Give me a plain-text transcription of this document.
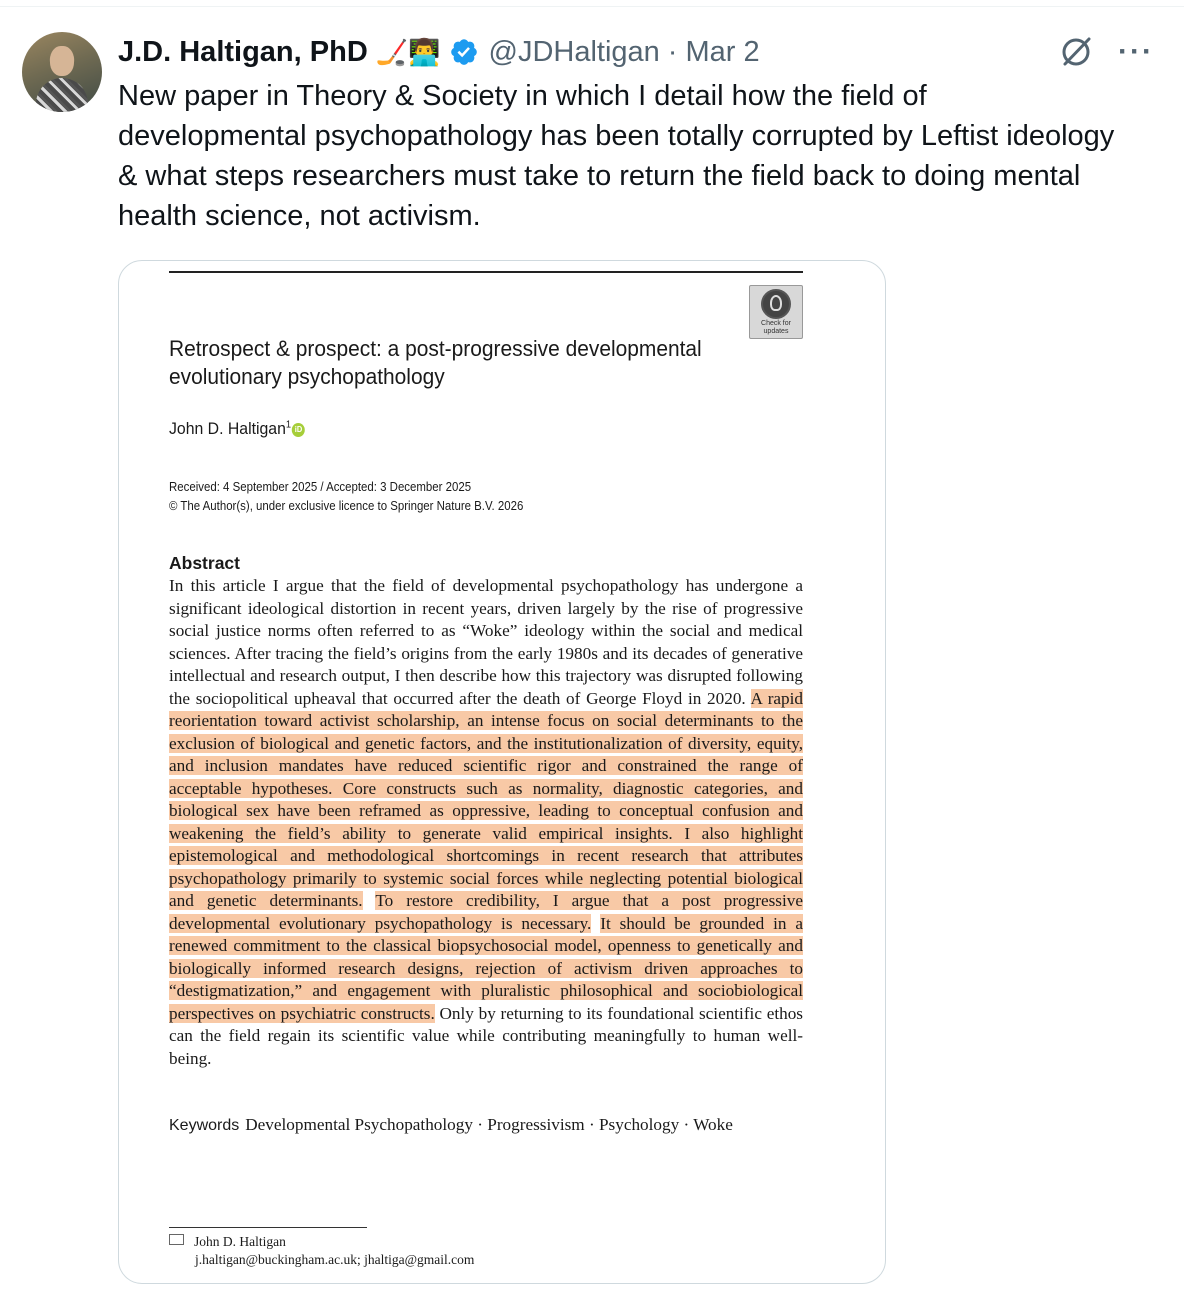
J.D. Haltigan, PhD 🏒👨‍💻 @JDHaltigan · Mar 2	···

New paper in Theory & Society in which I detail how the field of developmental psychopathology has been totally corrupted by Leftist ideology & what steps researchers must take to return the field back to doing mental health science, not activism.

Check for updates
Retrospect & prospect: a post-progressive developmental evolutionary psychopathology
John D. Haltigan$^1$ iD
Received: 4 September 2025 / Accepted: 3 December 2025
© The Author(s), under exclusive licence to Springer Nature B.V. 2026
Abstract

In this article I argue that the field of developmental psychopathology has undergone a significant ideological distortion in recent years, driven largely by the rise of progressive social justice norms often referred to as “Woke” ideology within the social and medical sciences. After tracing the field’s origins from the early 1980s and its decades of generative intellectual and research output, I then describe how this trajectory was disrupted following the sociopolitical upheaval that occurred after the death of George Floyd in 2020. A rapid reorientation toward activist scholarship, an intense focus on social determinants to the exclusion of biological and genetic factors, and the institutionalization of diversity, equity, and inclusion mandates have reduced scientific rigor and constrained the range of acceptable hypotheses. Core constructs such as normality, diagnostic categories, and biological sex have been reframed as oppressive, leading to conceptual confusion and weakening the field’s ability to generate valid empirical insights. I also highlight epistemological and methodological shortcomings in recent research that attributes psychopathology primarily to systemic social forces while neglecting potential biological and genetic determinants. To restore credibility, I argue that a post progressive developmental evolutionary psychopathology is necessary. It should be grounded in a renewed commitment to the classical biopsychosocial model, openness to genetically and biologically informed research designs, rejection of activism driven approaches to “destigmatization,” and engagement with pluralistic philosophical and sociobiological perspectives on psychiatric constructs. Only by returning to its foundational scientific ethos can the field regain its scientific value while contributing meaningfully to human well-being.

Keywords Developmental Psychopathology · Progressivism · Psychology · Woke
John D. Haltigan
j.haltigan@buckingham.ac.uk; jhaltiga@gmail.com
